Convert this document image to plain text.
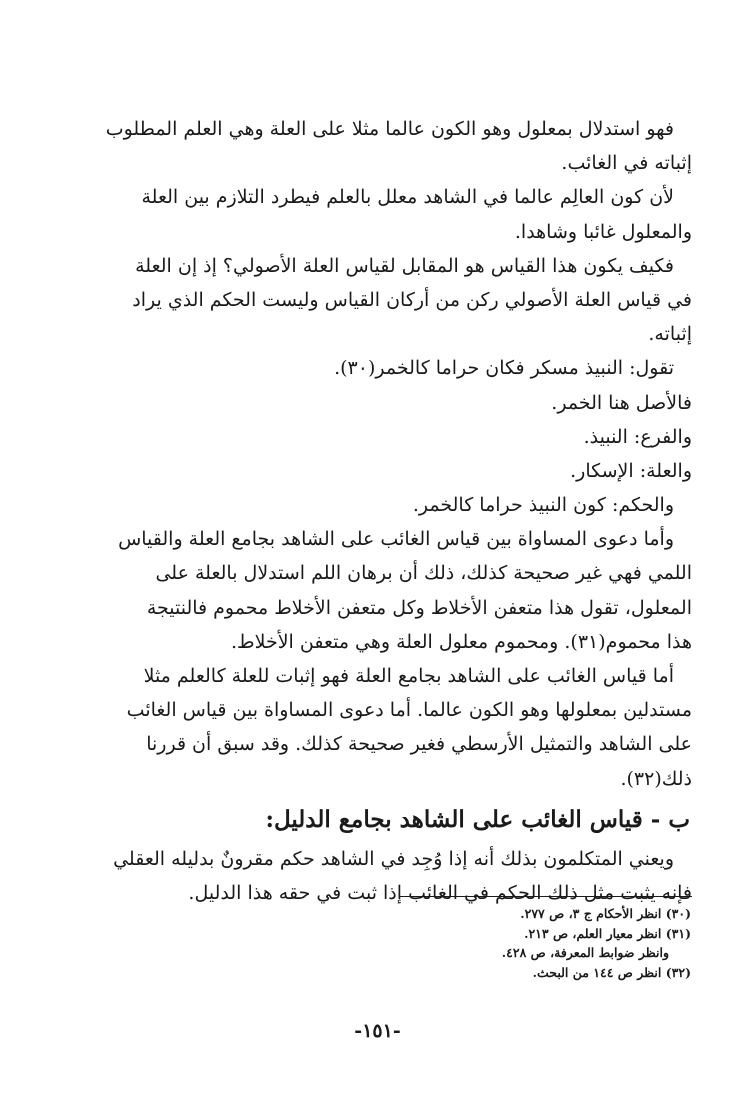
فهو استدلال بمعلول وهو الكون عالما مثلا على العلة وهي العلم المطلوب
إثباته في الغائب.
لأن كون العالِم عالما في الشاهد معلل بالعلم فيطرد التلازم بين العلة
والمعلول غائبا وشاهدا.
فكيف يكون هذا القياس هو المقابل لقياس العلة الأصولي؟ إذ إن العلة
في قياس العلة الأصولي ركن من أركان القياس وليست الحكم الذي يراد
إثباته.
تقول: النبيذ مسكر فكان حراما كالخمر(٣٠).
فالأصل هنا الخمر.
والفرع: النبيذ.
والعلة: الإسكار.
والحكم: كون النبيذ حراما كالخمر.
وأما دعوى المساواة بين قياس الغائب على الشاهد بجامع العلة والقياس
اللمي فهي غير صحيحة كذلك، ذلك أن برهان اللم استدلال بالعلة على
المعلول، تقول هذا متعفن الأخلاط وكل متعفن الأخلاط محموم فالنتيجة
هذا محموم(٣١). ومحموم معلول العلة وهي متعفن الأخلاط.
أما قياس الغائب على الشاهد بجامع العلة فهو إثبات للعلة كالعلم مثلا
مستدلين بمعلولها وهو الكون عالما. أما دعوى المساواة بين قياس الغائب
على الشاهد والتمثيل الأرسطي فغير صحيحة كذلك. وقد سبق أن قررنا
ذلك(٣٢).
ب - قياس الغائب على الشاهد بجامع الدليل:
ويعني المتكلمون بذلك أنه إذا وُجِد في الشاهد حكم مقرونٌ بدليله العقلي
فإنه يثبت مثل ذلك الحكم في الغائب إذا ثبت في حقه هذا الدليل.
(٣٠) انظر الأحكام ج ٣، ص ٢٧٧.
(٣١) انظر معيار العلم، ص ٢١٣.
وانظر ضوابط المعرفة، ص ٤٢٨.
(٣٢) انظر ص ١٤٤ من البحث.
-١٥١-
